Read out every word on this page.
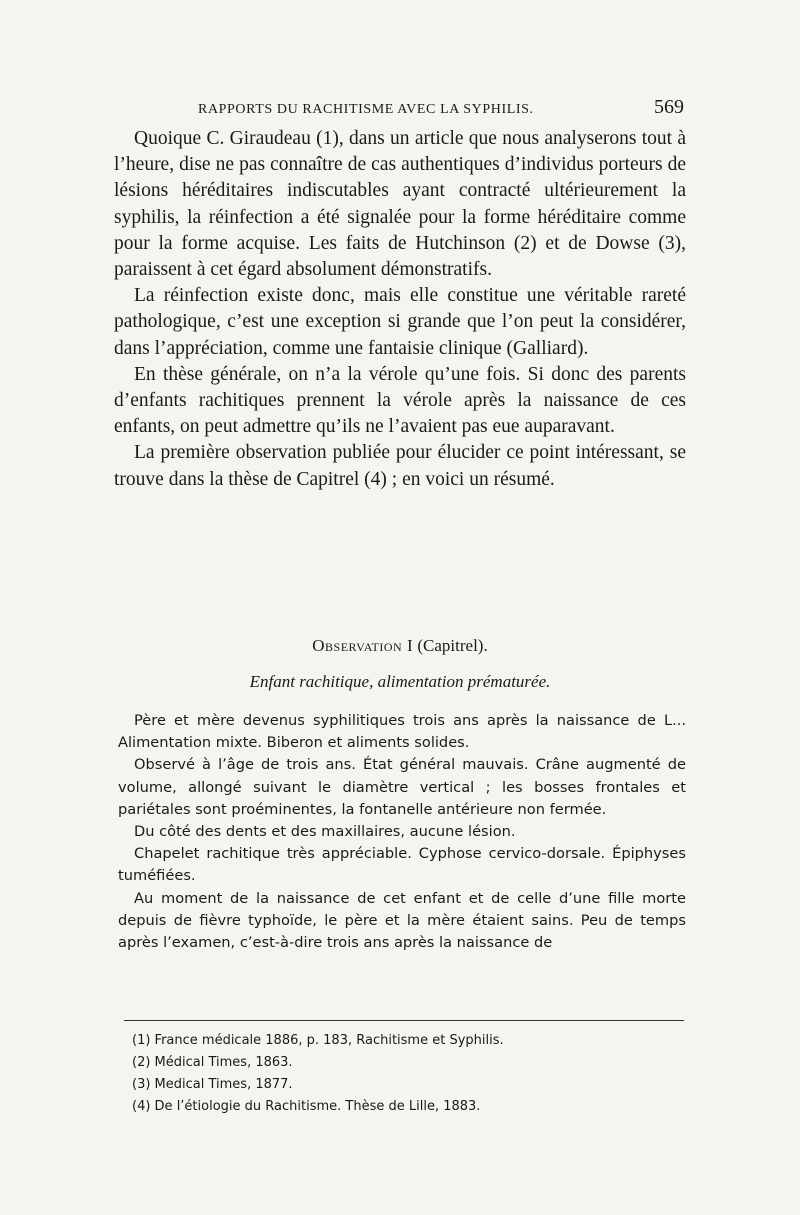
RAPPORTS DU RACHITISME AVEC LA SYPHILIS.	569

Quoique C. Giraudeau (1), dans un article que nous analyserons tout à l’heure, dise ne pas connaître de cas authentiques d’individus porteurs de lésions héréditaires indiscutables ayant contracté ultérieurement la syphilis, la réinfection a été signalée pour la forme héréditaire comme pour la forme acquise. Les faits de Hutchinson (2) et de Dowse (3), paraissent à cet égard absolument démonstratifs.

La réinfection existe donc, mais elle constitue une véritable rareté pathologique, c’est une exception si grande que l’on peut la considérer, dans l’appréciation, comme une fantaisie clinique (Galliard).

En thèse générale, on n’a la vérole qu’une fois. Si donc des parents d’enfants rachitiques prennent la vérole après la naissance de ces enfants, on peut admettre qu’ils ne l’avaient pas eue auparavant.

La première observation publiée pour élucider ce point intéressant, se trouve dans la thèse de Capitrel (4) ; en voici un résumé.

Observation I (Capitrel).
Enfant rachitique, alimentation prématurée.

Père et mère devenus syphilitiques trois ans après la naissance de L... Alimentation mixte. Biberon et aliments solides.

Observé à l’âge de trois ans. État général mauvais. Crâne augmenté de volume, allongé suivant le diamètre vertical ; les bosses frontales et pariétales sont proéminentes, la fontanelle antérieure non fermée.

Du côté des dents et des maxillaires, aucune lésion.

Chapelet rachitique très appréciable. Cyphose cervico-dorsale. Épiphyses tuméfiées.

Au moment de la naissance de cet enfant et de celle d’une fille morte depuis de fièvre typhoïde, le père et la mère étaient sains. Peu de temps après l’examen, c’est-à-dire trois ans après la naissance de

(1) France médicale 1886, p. 183, Rachitisme et Syphilis.
(2) Médical Times, 1863.
(3) Medical Times, 1877.
(4) De l’étiologie du Rachitisme. Thèse de Lille, 1883.
